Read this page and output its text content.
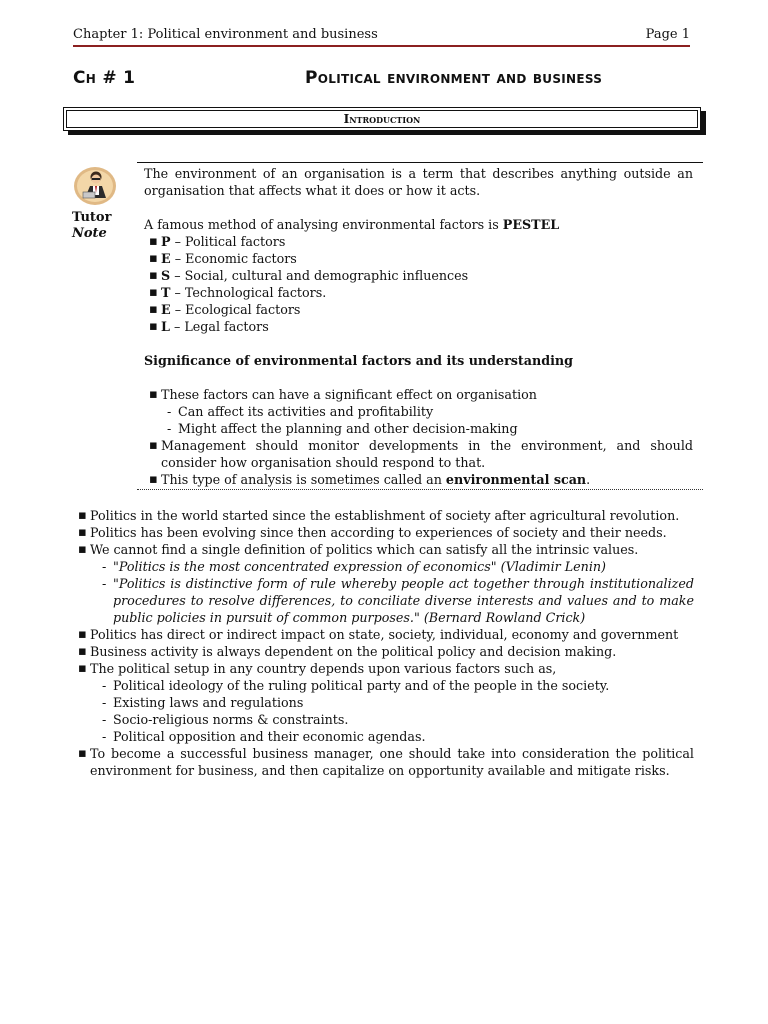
Chapter 1: Political environment and business	Page 1
Ch # 1	Political environment and business
Introduction
Tutor
Note

The environment of an organisation is a term that describes anything outside an organisation that affects what it does or how it acts.

A famous method of analysing environmental factors is PESTEL

▪ P – Political factors
▪ E – Economic factors
▪ S – Social, cultural and demographic influences
▪ T – Technological factors.
▪ E – Ecological factors
▪ L – Legal factors

Significance of environmental factors and its understanding

▪ These factors can have a significant effect on organisation
- Can affect its activities and profitability
- Might affect the planning and other decision-making
▪ Management should monitor developments in the environment, and should consider how organisation should respond to that.
▪ This type of analysis is sometimes called an environmental scan.
▪ Politics in the world started since the establishment of society after agricultural revolution.
▪ Politics has been evolving since then according to experiences of society and their needs.
▪ We cannot find a single definition of politics which can satisfy all the intrinsic values.
- "Politics is the most concentrated expression of economics" (Vladimir Lenin)
- "Politics is distinctive form of rule whereby people act together through institutionalized procedures to resolve differences, to conciliate diverse interests and values and to make public policies in pursuit of common purposes." (Bernard Rowland Crick)
▪ Politics has direct or indirect impact on state, society, individual, economy and government
▪ Business activity is always dependent on the political policy and decision making.
▪ The political setup in any country depends upon various factors such as,
- Political ideology of the ruling political party and of the people in the society.
- Existing laws and regulations
- Socio-religious norms & constraints.
- Political opposition and their economic agendas.
▪ To become a successful business manager, one should take into consideration the political environment for business, and then capitalize on opportunity available and mitigate risks.
